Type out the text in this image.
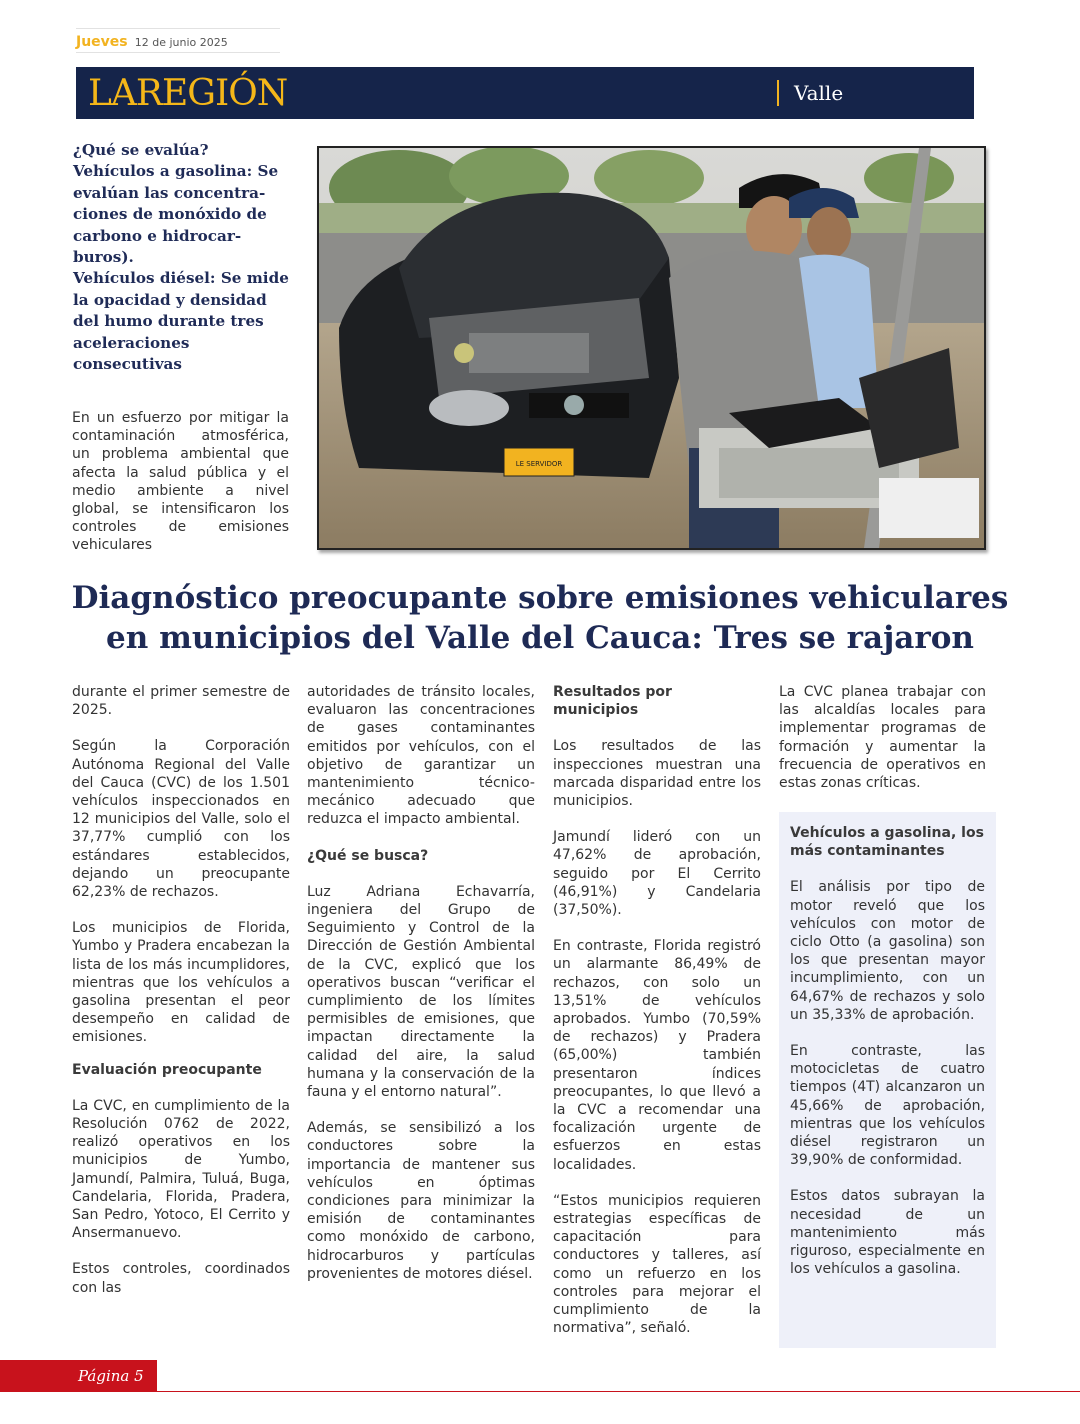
Jueves 12 de junio 2025
LAREGIÓN	Valle

¿Qué se evalúa?

Vehículos a gasolina: Se evalúan las concentra-ciones de monóxido de carbono e hidrocar-buros).

Vehículos diésel: Se mide la opacidad y densidad del humo durante tres aceleraciones consecutivas

En un esfuerzo por mitigar la contaminación atmosférica, un problema ambiental que afecta la salud pública y el medio ambiente a nivel global, se intensificaron los controles de emisiones vehiculares
LE SERVIDOR
Diagnóstico preocupante sobre emisiones vehiculares
en municipios del Valle del Cauca: Tres se rajaron

durante el primer semestre de 2025.

Según la Corporación Autónoma Regional del Valle del Cauca (CVC) de los 1.501 vehículos inspeccionados en 12 municipios del Valle, solo el 37,77% cumplió con los estándares establecidos, dejando un preocupante 62,23% de rechazos.

Los municipios de Florida, Yumbo y Pradera encabezan la lista de los más incumplidores, mientras que los vehículos a gasolina presentan el peor desempeño en calidad de emisiones.

Evaluación preocupante

La CVC, en cumplimiento de la Resolución 0762 de 2022, realizó operativos en los municipios de Yumbo, Jamundí, Palmira, Tuluá, Buga, Candelaria, Florida, Pradera, San Pedro, Yotoco, El Cerrito y Ansermanuevo.

Estos controles, coordinados con las

autoridades de tránsito locales, evaluaron las concentraciones de gases contaminantes emitidos por vehículos, con el objetivo de garantizar un mantenimiento técnico-mecánico adecuado que reduzca el impacto ambiental.

¿Qué se busca?

Luz Adriana Echavarría, ingeniera del Grupo de Seguimiento y Control de la Dirección de Gestión Ambiental de la CVC, explicó que los operativos buscan “verificar el cumplimiento de los límites permisibles de emisiones, que impactan directamente la calidad del aire, la salud humana y la conservación de la fauna y el entorno natural”.

Además, se sensibilizó a los conductores sobre la importancia de mantener sus vehículos en óptimas condiciones para minimizar la emisión de contaminantes como monóxido de carbono, hidrocarburos y partículas provenientes de motores diésel.

Resultados por municipios

Los resultados de las inspecciones muestran una marcada disparidad entre los municipios.

Jamundí lideró con un 47,62% de aprobación, seguido por El Cerrito (46,91%) y Candelaria (37,50%).

En contraste, Florida registró un alarmante 86,49% de rechazos, con solo un 13,51% de vehículos aprobados. Yumbo (70,59% de rechazos) y Pradera (65,00%) también presentaron índices preocupantes, lo que llevó a la CVC a recomendar una focalización urgente de esfuerzos en estas localidades.

“Estos municipios requieren estrategias específicas de capacitación para conductores y talleres, así como un refuerzo en los controles para mejorar el cumplimiento de la normativa”, señaló.

La CVC planea trabajar con las alcaldías locales para implementar programas de formación y aumentar la frecuencia de operativos en estas zonas críticas.

Vehículos a gasolina, los más contaminantes

El análisis por tipo de motor reveló que los vehículos con motor de ciclo Otto (a gasolina) son los que presentan mayor incumplimiento, con un 64,67% de rechazos y solo un 35,33% de aprobación.

En contraste, las motocicletas de cuatro tiempos (4T) alcanzaron un 45,66% de aprobación, mientras que los vehículos diésel registraron un 39,90% de conformidad.

Estos datos subrayan la necesidad de un mantenimiento más riguroso, especialmente en los vehículos a gasolina.

Página 5
